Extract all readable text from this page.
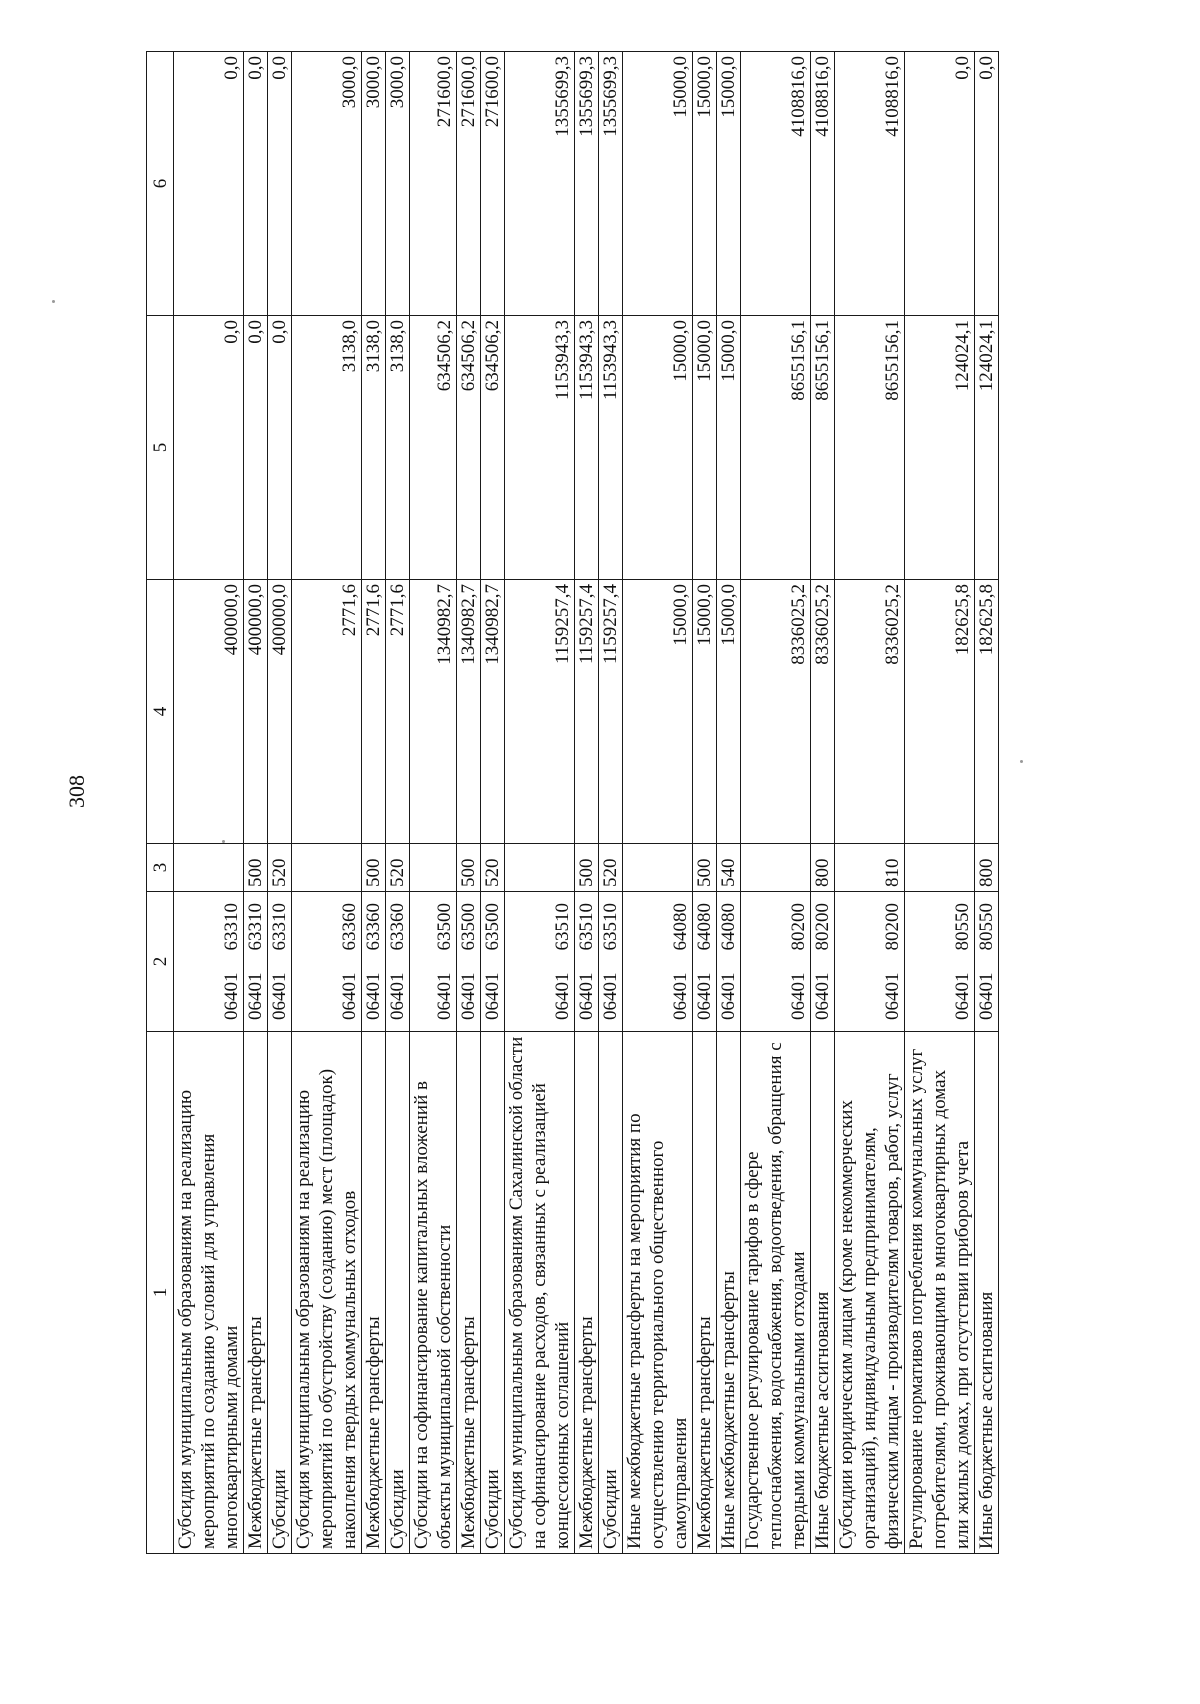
308
1	2		3	4	5	6
Субсидия муниципальным образованиям на реализацию мероприятий по созданию условий для управления многоквартирными домами	06401	63310		400000,0	0,0	0,0
Межбюджетные трансферты	06401	63310	500	400000,0	0,0	0,0
Субсидии	06401	63310	520	400000,0	0,0	0,0
Субсидия муниципальным образованиям на реализацию мероприятий по обустройству (созданию) мест (площадок) накопления твердых коммунальных отходов	06401	63360		2771,6	3138,0	3000,0
Межбюджетные трансферты	06401	63360	500	2771,6	3138,0	3000,0
Субсидии	06401	63360	520	2771,6	3138,0	3000,0
Субсидии на софинансирование капитальных вложений в объекты муниципальной собственности	06401	63500		1340982,7	634506,2	271600,0
Межбюджетные трансферты	06401	63500	500	1340982,7	634506,2	271600,0
Субсидии	06401	63500	520	1340982,7	634506,2	271600,0
Субсидия муниципальным образованиям Сахалинской области на софинансирование расходов, связанных с реализацией концессионных соглашений	06401	63510		1159257,4	1153943,3	1355699,3
Межбюджетные трансферты	06401	63510	500	1159257,4	1153943,3	1355699,3
Субсидии	06401	63510	520	1159257,4	1153943,3	1355699,3
Иные межбюджетные трансферты на мероприятия по осуществлению территориального общественного самоуправления	06401	64080		15000,0	15000,0	15000,0
Межбюджетные трансферты	06401	64080	500	15000,0	15000,0	15000,0
Иные межбюджетные трансферты	06401	64080	540	15000,0	15000,0	15000,0
Государственное регулирование тарифов в сфере теплоснабжения, водоснабжения, водоотведения, обращения с твердыми коммунальными отходами	06401	80200		8336025,2	8655156,1	4108816,0
Иные бюджетные ассигнования	06401	80200	800	8336025,2	8655156,1	4108816,0
Субсидии юридическим лицам (кроме некоммерческих организаций), индивидуальным предпринимателям, физическим лицам - производителям товаров, работ, услуг	06401	80200	810	8336025,2	8655156,1	4108816,0
Регулирование нормативов потребления коммунальных услуг потребителями, проживающими в многоквартирных домах или жилых домах, при отсутствии приборов учета	06401	80550		182625,8	124024,1	0,0
Иные бюджетные ассигнования	06401	80550	800	182625,8	124024,1	0,0
